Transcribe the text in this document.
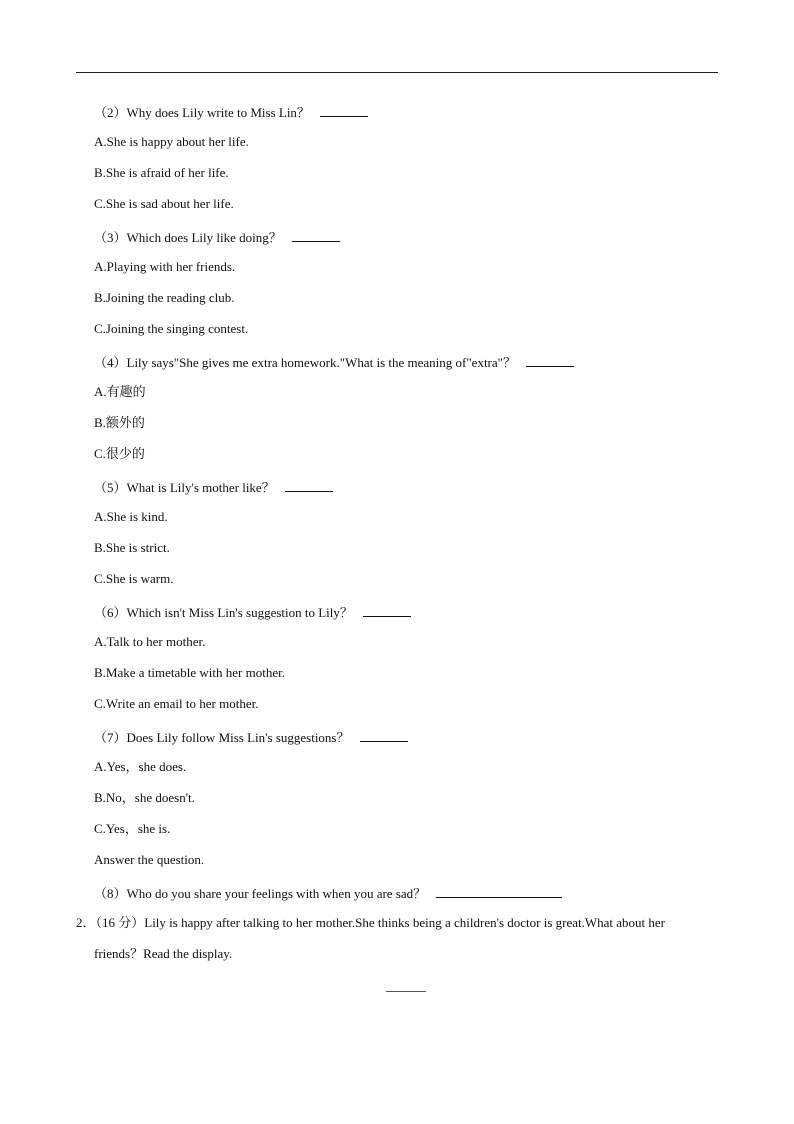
（2）Why does Lily write to Miss Lin？
A.She is happy about her life.
B.She is afraid of her life.
C.She is sad about her life.
（3）Which does Lily like doing？
A.Playing with her friends.
B.Joining the reading club.
C.Joining the singing contest.
（4）Lily says"She gives me extra homework."What is the meaning of"extra"？
A.有趣的
B.额外的
C.很少的
（5）What is Lily's mother like？
A.She is kind.
B.She is strict.
C.She is warm.
（6）Which isn't Miss Lin's suggestion to Lily？
A.Talk to her mother.
B.Make a timetable with her mother.
C.Write an email to her mother.
（7）Does Lily follow Miss Lin's suggestions？
A.Yes，she does.
B.No，she doesn't.
C.Yes，she is.
Answer the question.
（8）Who do you share your feelings with when you are sad？
2．（16 分）Lily is happy after talking to her mother.She thinks being a children's doctor is great.What about her
friends？Read the display.
